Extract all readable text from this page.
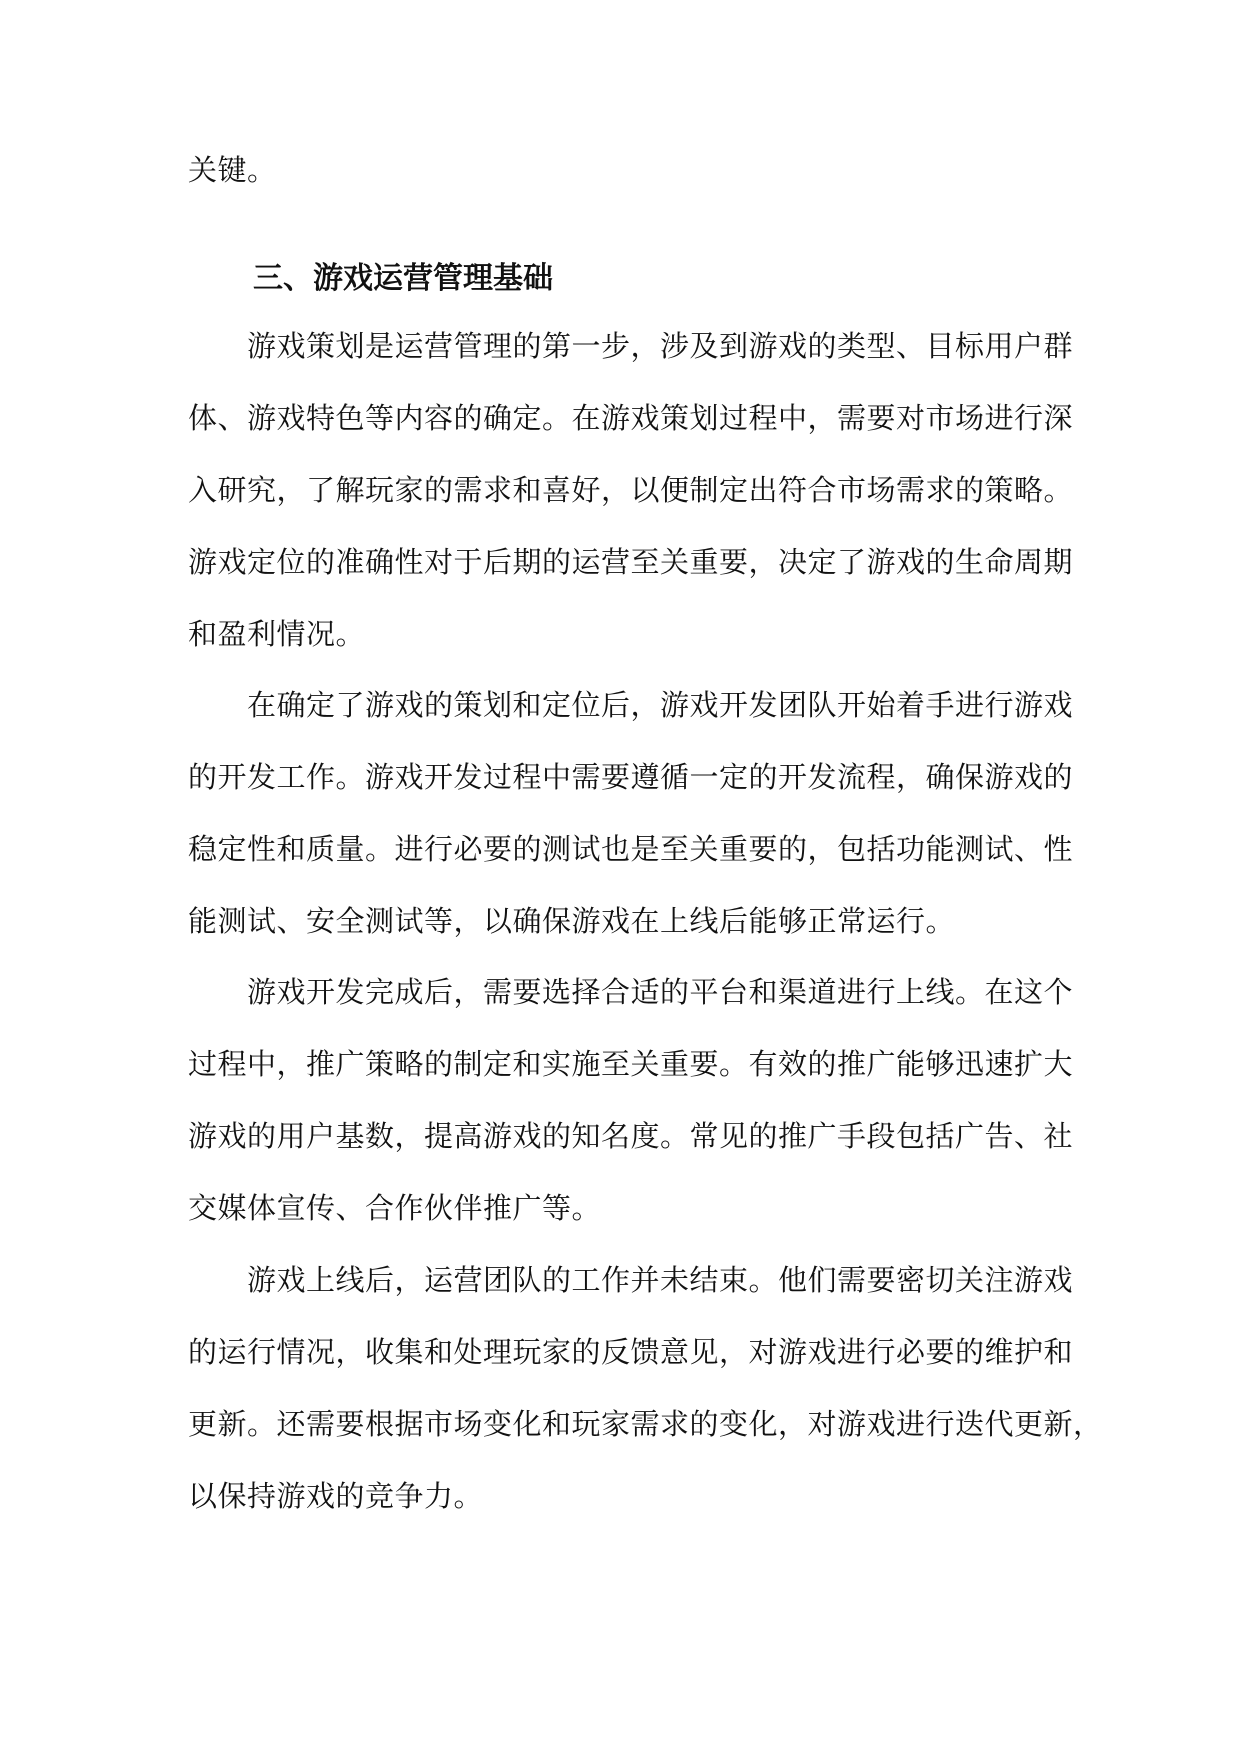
关键。
三、游戏运营管理基础
游戏策划是运营管理的第一步，涉及到游戏的类型、目标用户群
体、游戏特色等内容的确定。在游戏策划过程中，需要对市场进行深
入研究，了解玩家的需求和喜好，以便制定出符合市场需求的策略。
游戏定位的准确性对于后期的运营至关重要，决定了游戏的生命周期
和盈利情况。
在确定了游戏的策划和定位后，游戏开发团队开始着手进行游戏
的开发工作。游戏开发过程中需要遵循一定的开发流程，确保游戏的
稳定性和质量。进行必要的测试也是至关重要的，包括功能测试、性
能测试、安全测试等，以确保游戏在上线后能够正常运行。
游戏开发完成后，需要选择合适的平台和渠道进行上线。在这个
过程中，推广策略的制定和实施至关重要。有效的推广能够迅速扩大
游戏的用户基数，提高游戏的知名度。常见的推广手段包括广告、社
交媒体宣传、合作伙伴推广等。
游戏上线后，运营团队的工作并未结束。他们需要密切关注游戏
的运行情况，收集和处理玩家的反馈意见，对游戏进行必要的维护和
更新。还需要根据市场变化和玩家需求的变化，对游戏进行迭代更新，
以保持游戏的竞争力。
